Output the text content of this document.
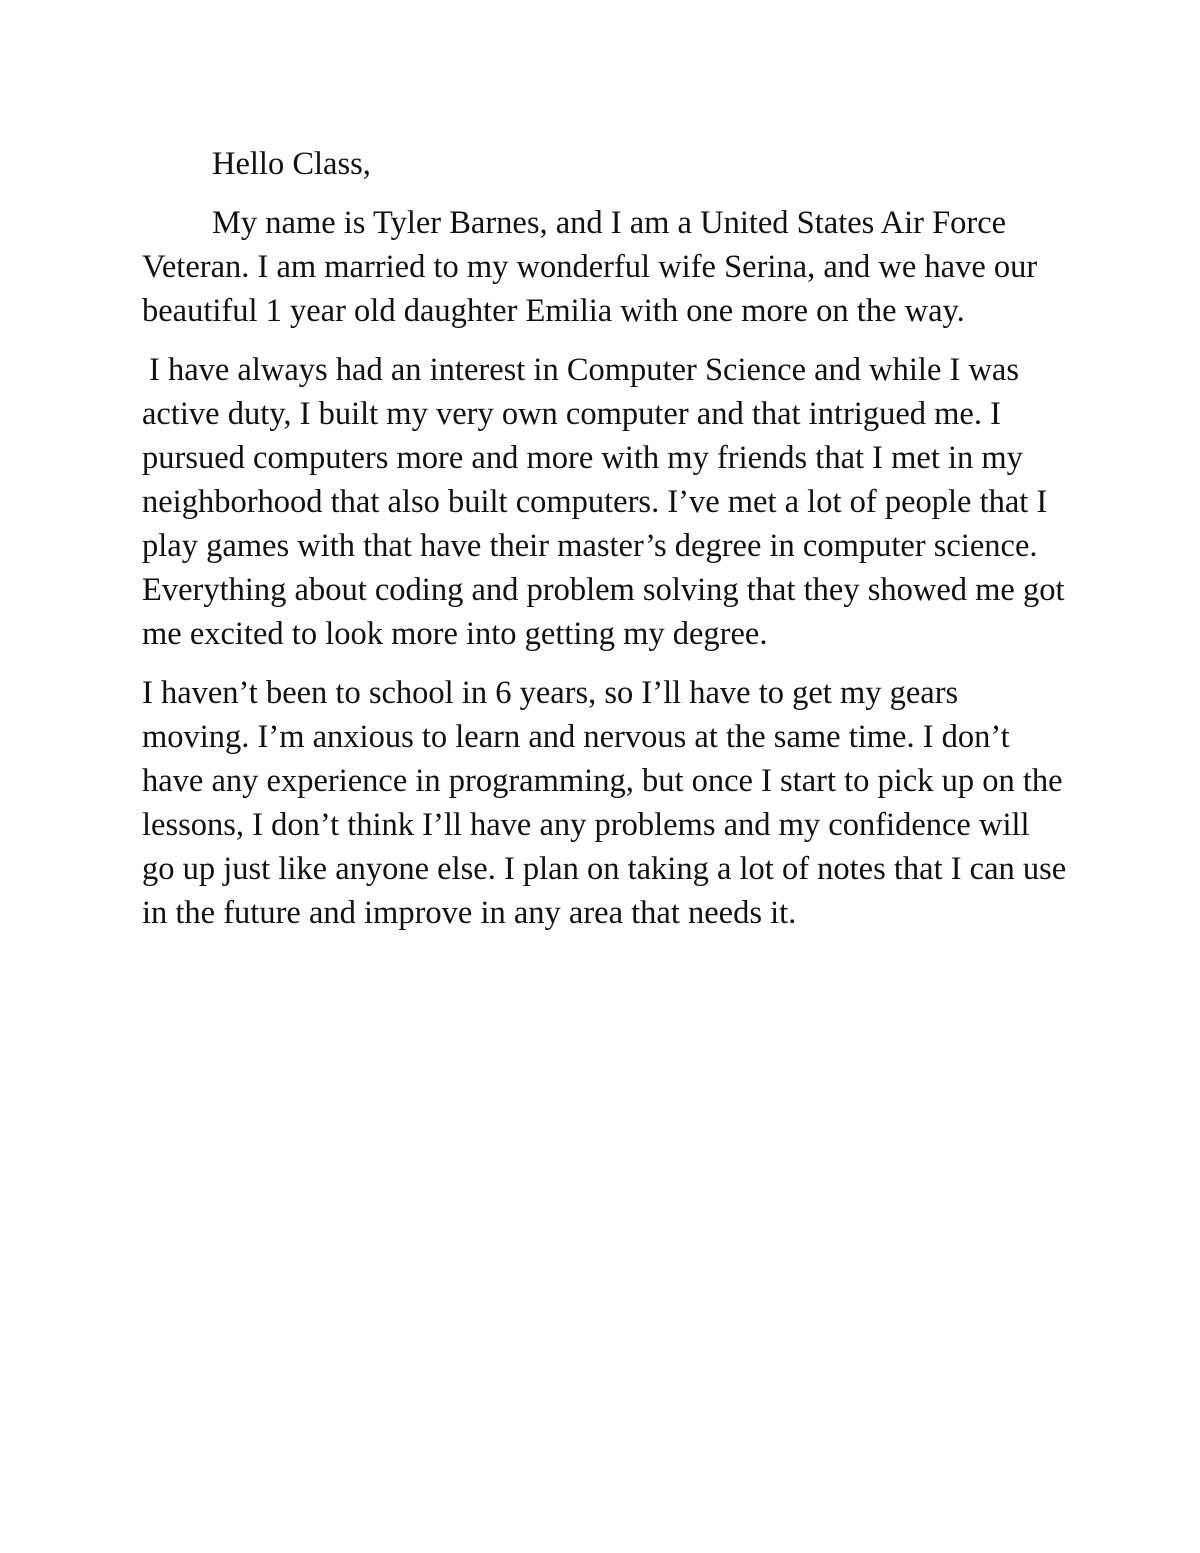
Hello Class,

My name is Tyler Barnes, and I am a United States Air Force Veteran. I am married to my wonderful wife Serina, and we have our beautiful 1 year old daughter Emilia with one more on the way.

I have always had an interest in Computer Science and while I was active duty, I built my very own computer and that intrigued me. I pursued computers more and more with my friends that I met in my neighborhood that also built computers. I’ve met a lot of people that I play games with that have their master’s degree in computer science. Everything about coding and problem solving that they showed me got me excited to look more into getting my degree.

I haven’t been to school in 6 years, so I’ll have to get my gears moving. I’m anxious to learn and nervous at the same time. I don’t have any experience in programming, but once I start to pick up on the lessons, I don’t think I’ll have any problems and my confidence will go up just like anyone else. I plan on taking a lot of notes that I can use in the future and improve in any area that needs it.
